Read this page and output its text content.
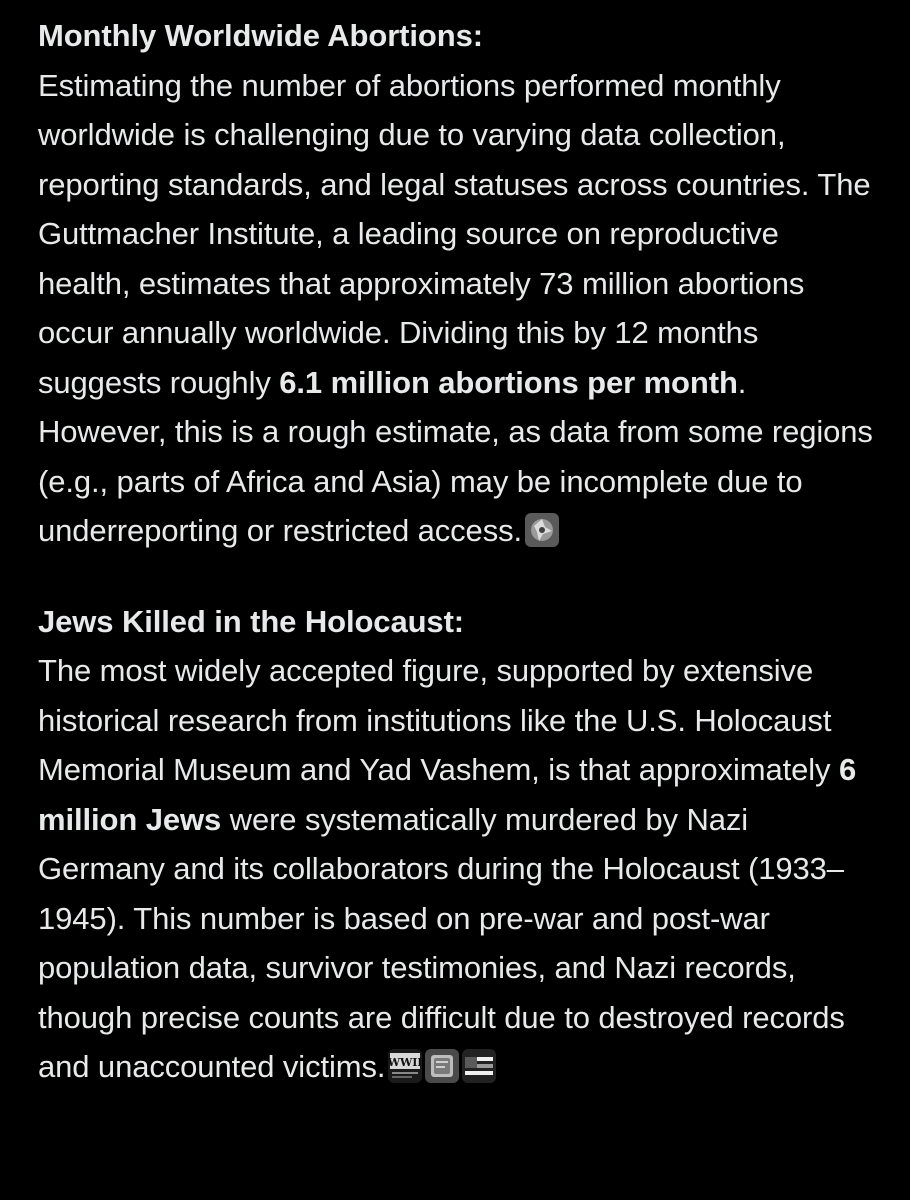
Monthly Worldwide Abortions:

Estimating the number of abortions performed monthly worldwide is challenging due to varying data collection, reporting standards, and legal statuses across countries. The Guttmacher Institute, a leading source on reproductive health, estimates that approximately 73 million abortions occur annually worldwide. Dividing this by 12 months suggests roughly 6.1 million abortions per month. However, this is a rough estimate, as data from some regions (e.g., parts of Africa and Asia) may be incomplete due to underreporting or restricted access.

Jews Killed in the Holocaust:

The most widely accepted figure, supported by extensive historical research from institutions like the U.S. Holocaust Memorial Museum and Yad Vashem, is that approximately 6 million Jews were systematically murdered by Nazi Germany and its collaborators during the Holocaust (1933–1945). This number is based on pre-war and post-war population data, survivor testimonies, and Nazi records, though precise counts are difficult due to destroyed records and unaccounted victims. WWII
